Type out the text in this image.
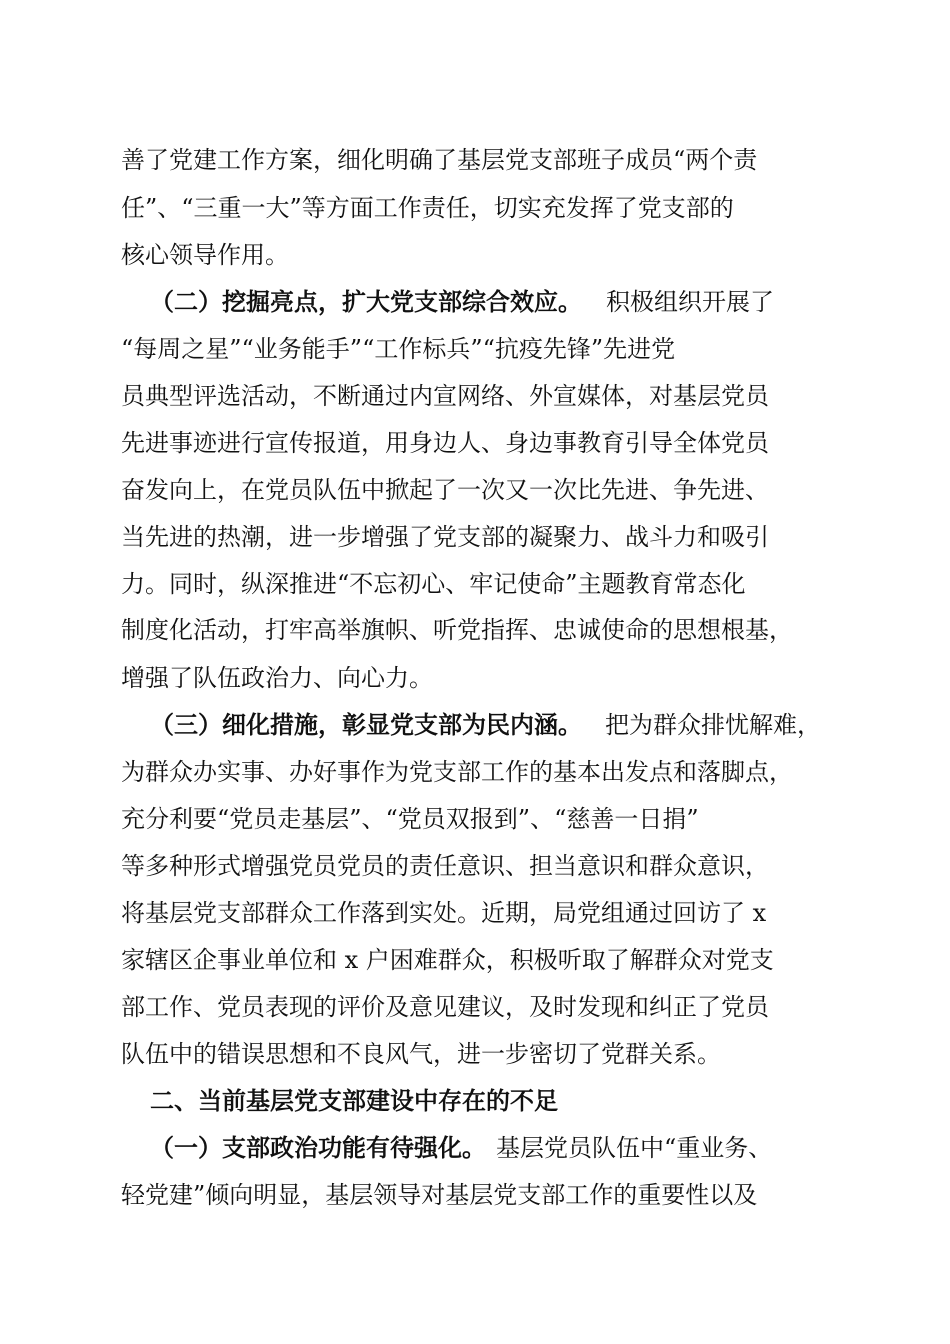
善了党建工作方案，细化明确了基层党支部班子成员“两个责
任”、“三重一大”等方面工作责任，切实充发挥了党支部的
核心领导作用。
（二）挖掘亮点，扩大党支部综合效应。 积极组织开展了
“每周之星”“业务能手”“工作标兵”“抗疫先锋”先进党
员典型评选活动，不断通过内宣网络、外宣媒体，对基层党员
先进事迹进行宣传报道，用身边人、身边事教育引导全体党员
奋发向上，在党员队伍中掀起了一次又一次比先进、争先进、
当先进的热潮，进一步增强了党支部的凝聚力、战斗力和吸引
力。同时，纵深推进“不忘初心、牢记使命”主题教育常态化
制度化活动，打牢高举旗帜、听党指挥、忠诚使命的思想根基，
增强了队伍政治力、向心力。
（三）细化措施，彰显党支部为民内涵。 把为群众排忧解难，
为群众办实事、办好事作为党支部工作的基本出发点和落脚点，
充分利要“党员走基层”、“党员双报到”、“慈善一日捐”
等多种形式增强党员党员的责任意识、担当意识和群众意识，
将基层党支部群众工作落到实处。近期，局党组通过回访了 x
家辖区企事业单位和 x 户困难群众，积极听取了解群众对党支
部工作、党员表现的评价及意见建议，及时发现和纠正了党员
队伍中的错误思想和不良风气，进一步密切了党群关系。
二、当前基层党支部建设中存在的不足
（一）支部政治功能有待强化。 基层党员队伍中“重业务、
轻党建”倾向明显，基层领导对基层党支部工作的重要性以及
